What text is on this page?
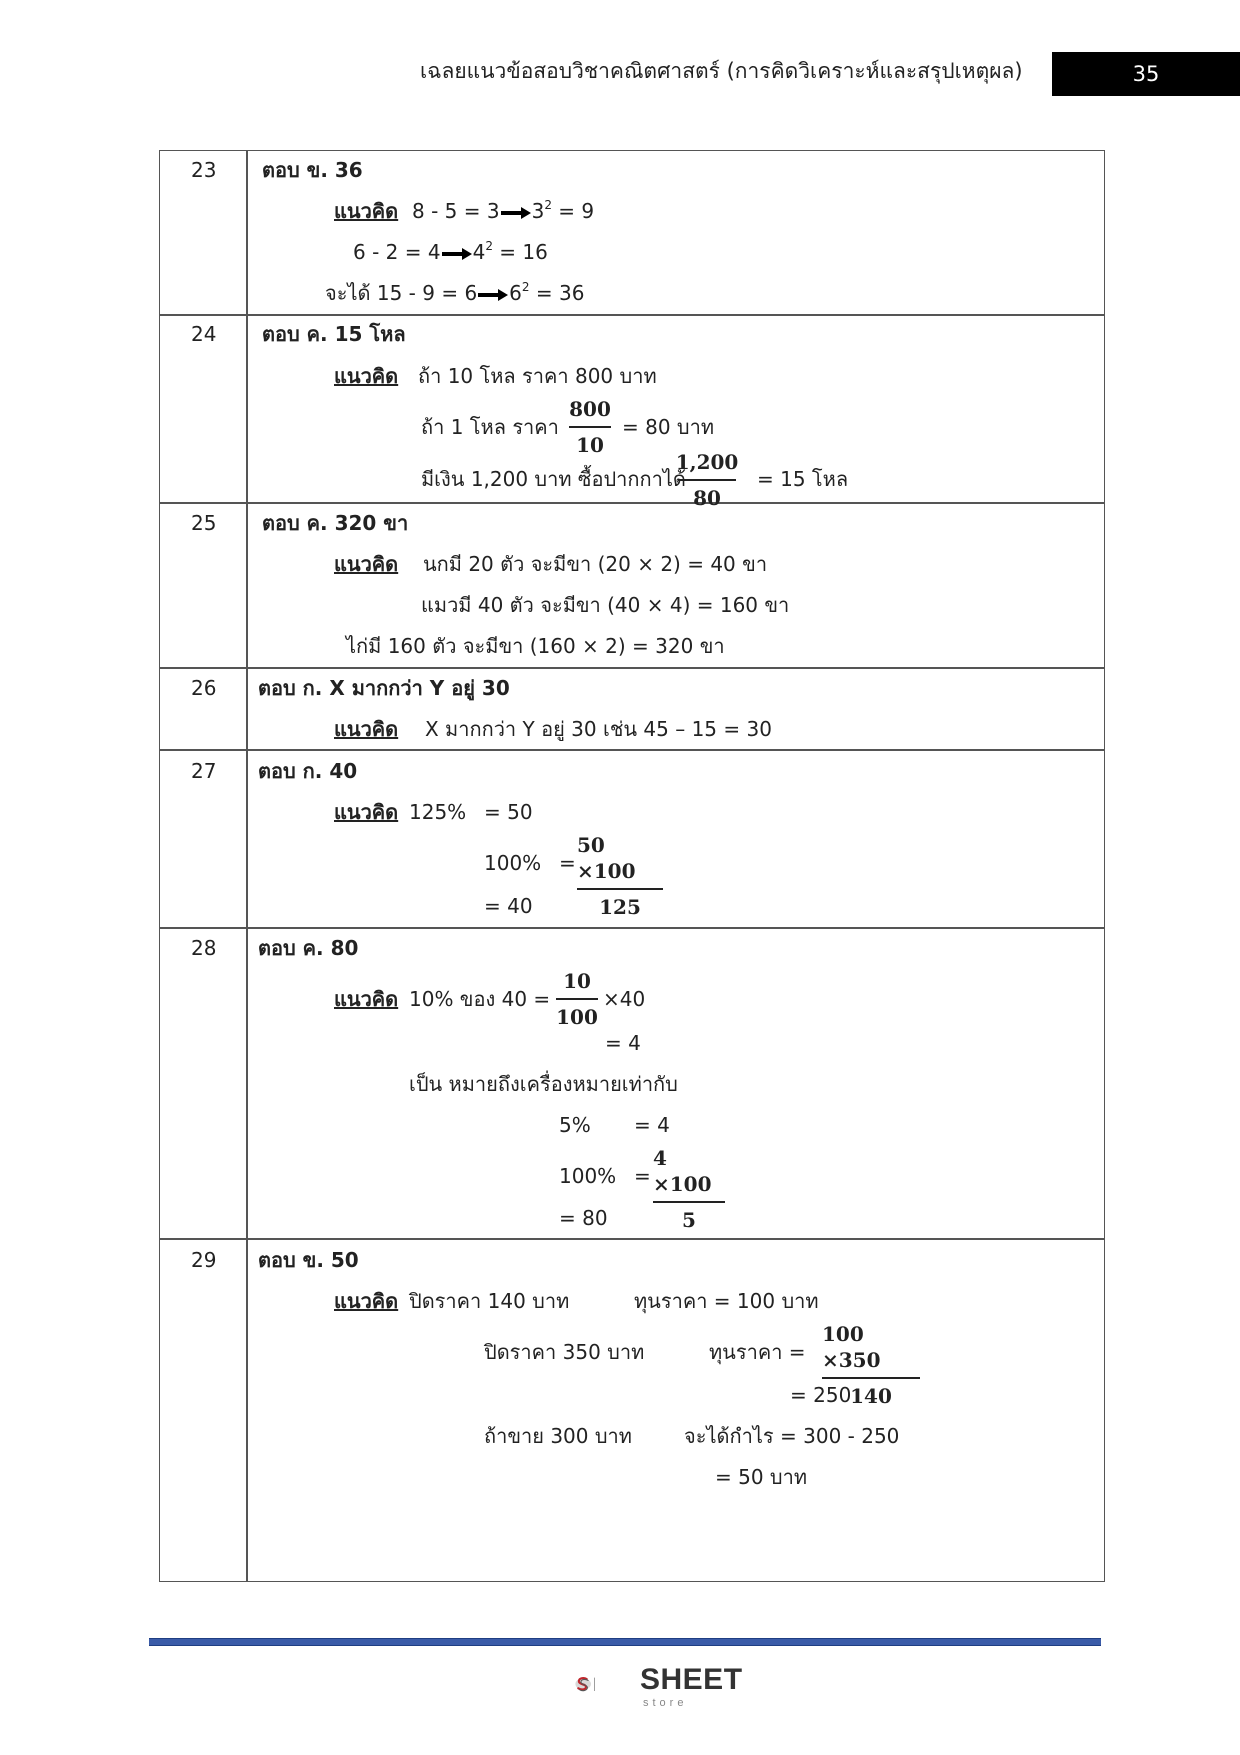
เฉลยแนวข้อสอบวิชาคณิตศาสตร์ (การคิดวิเคราะห์และสรุปเหตุผล)	35
23 ตอบ ข. 36
แนวคิด 8 - 5 = 3 $3^2 = 9$
6 - 2 = 4 $4^2 = 16$
จะได้ 15 - 9 = 6 $6^2 = 36$
24 ตอบ ค. 15 โหล
แนวคิด ถ้า 10 โหล ราคา 800 บาท
ถ้า 1 โหล ราคา
800
10
= 80 บาท
มีเงิน 1,200 บาท ซื้อปากกาได้
1,200
80
= 15 โหล
25 ตอบ ค. 320 ขา
แนวคิด นกมี 20 ตัว จะมีขา (20 × 2) = 40 ขา
แมวมี 40 ตัว จะมีขา (40 × 4) = 160 ขา
ไก่มี 160 ตัว จะมีขา (160 × 2) = 320 ขา
26 ตอบ ก. X มากกว่า Y อยู่ 30
แนวคิด X มากกว่า Y อยู่ 30 เช่น 45 – 15 = 30
27 ตอบ ก. 40
แนวคิด 125% = 50
100% =
50 ×100
125
= 40
28 ตอบ ค. 80
แนวคิด 10% ของ 40 =
10
100
×40
= 4
เป็น หมายถึงเครื่องหมายเท่ากับ
5% = 4
100% =
4 ×100
5
= 80
29 ตอบ ข. 50
แนวคิด ปิดราคา 140 บาท	ทุนราคา = 100 บาท
ปิดราคา 350 บาท	ทุนราคา =
100 ×350
140
= 250
ถ้าขาย 300 บาท	จะได้กำไร = 300 - 250
= 50 บาท
SHEET
store
